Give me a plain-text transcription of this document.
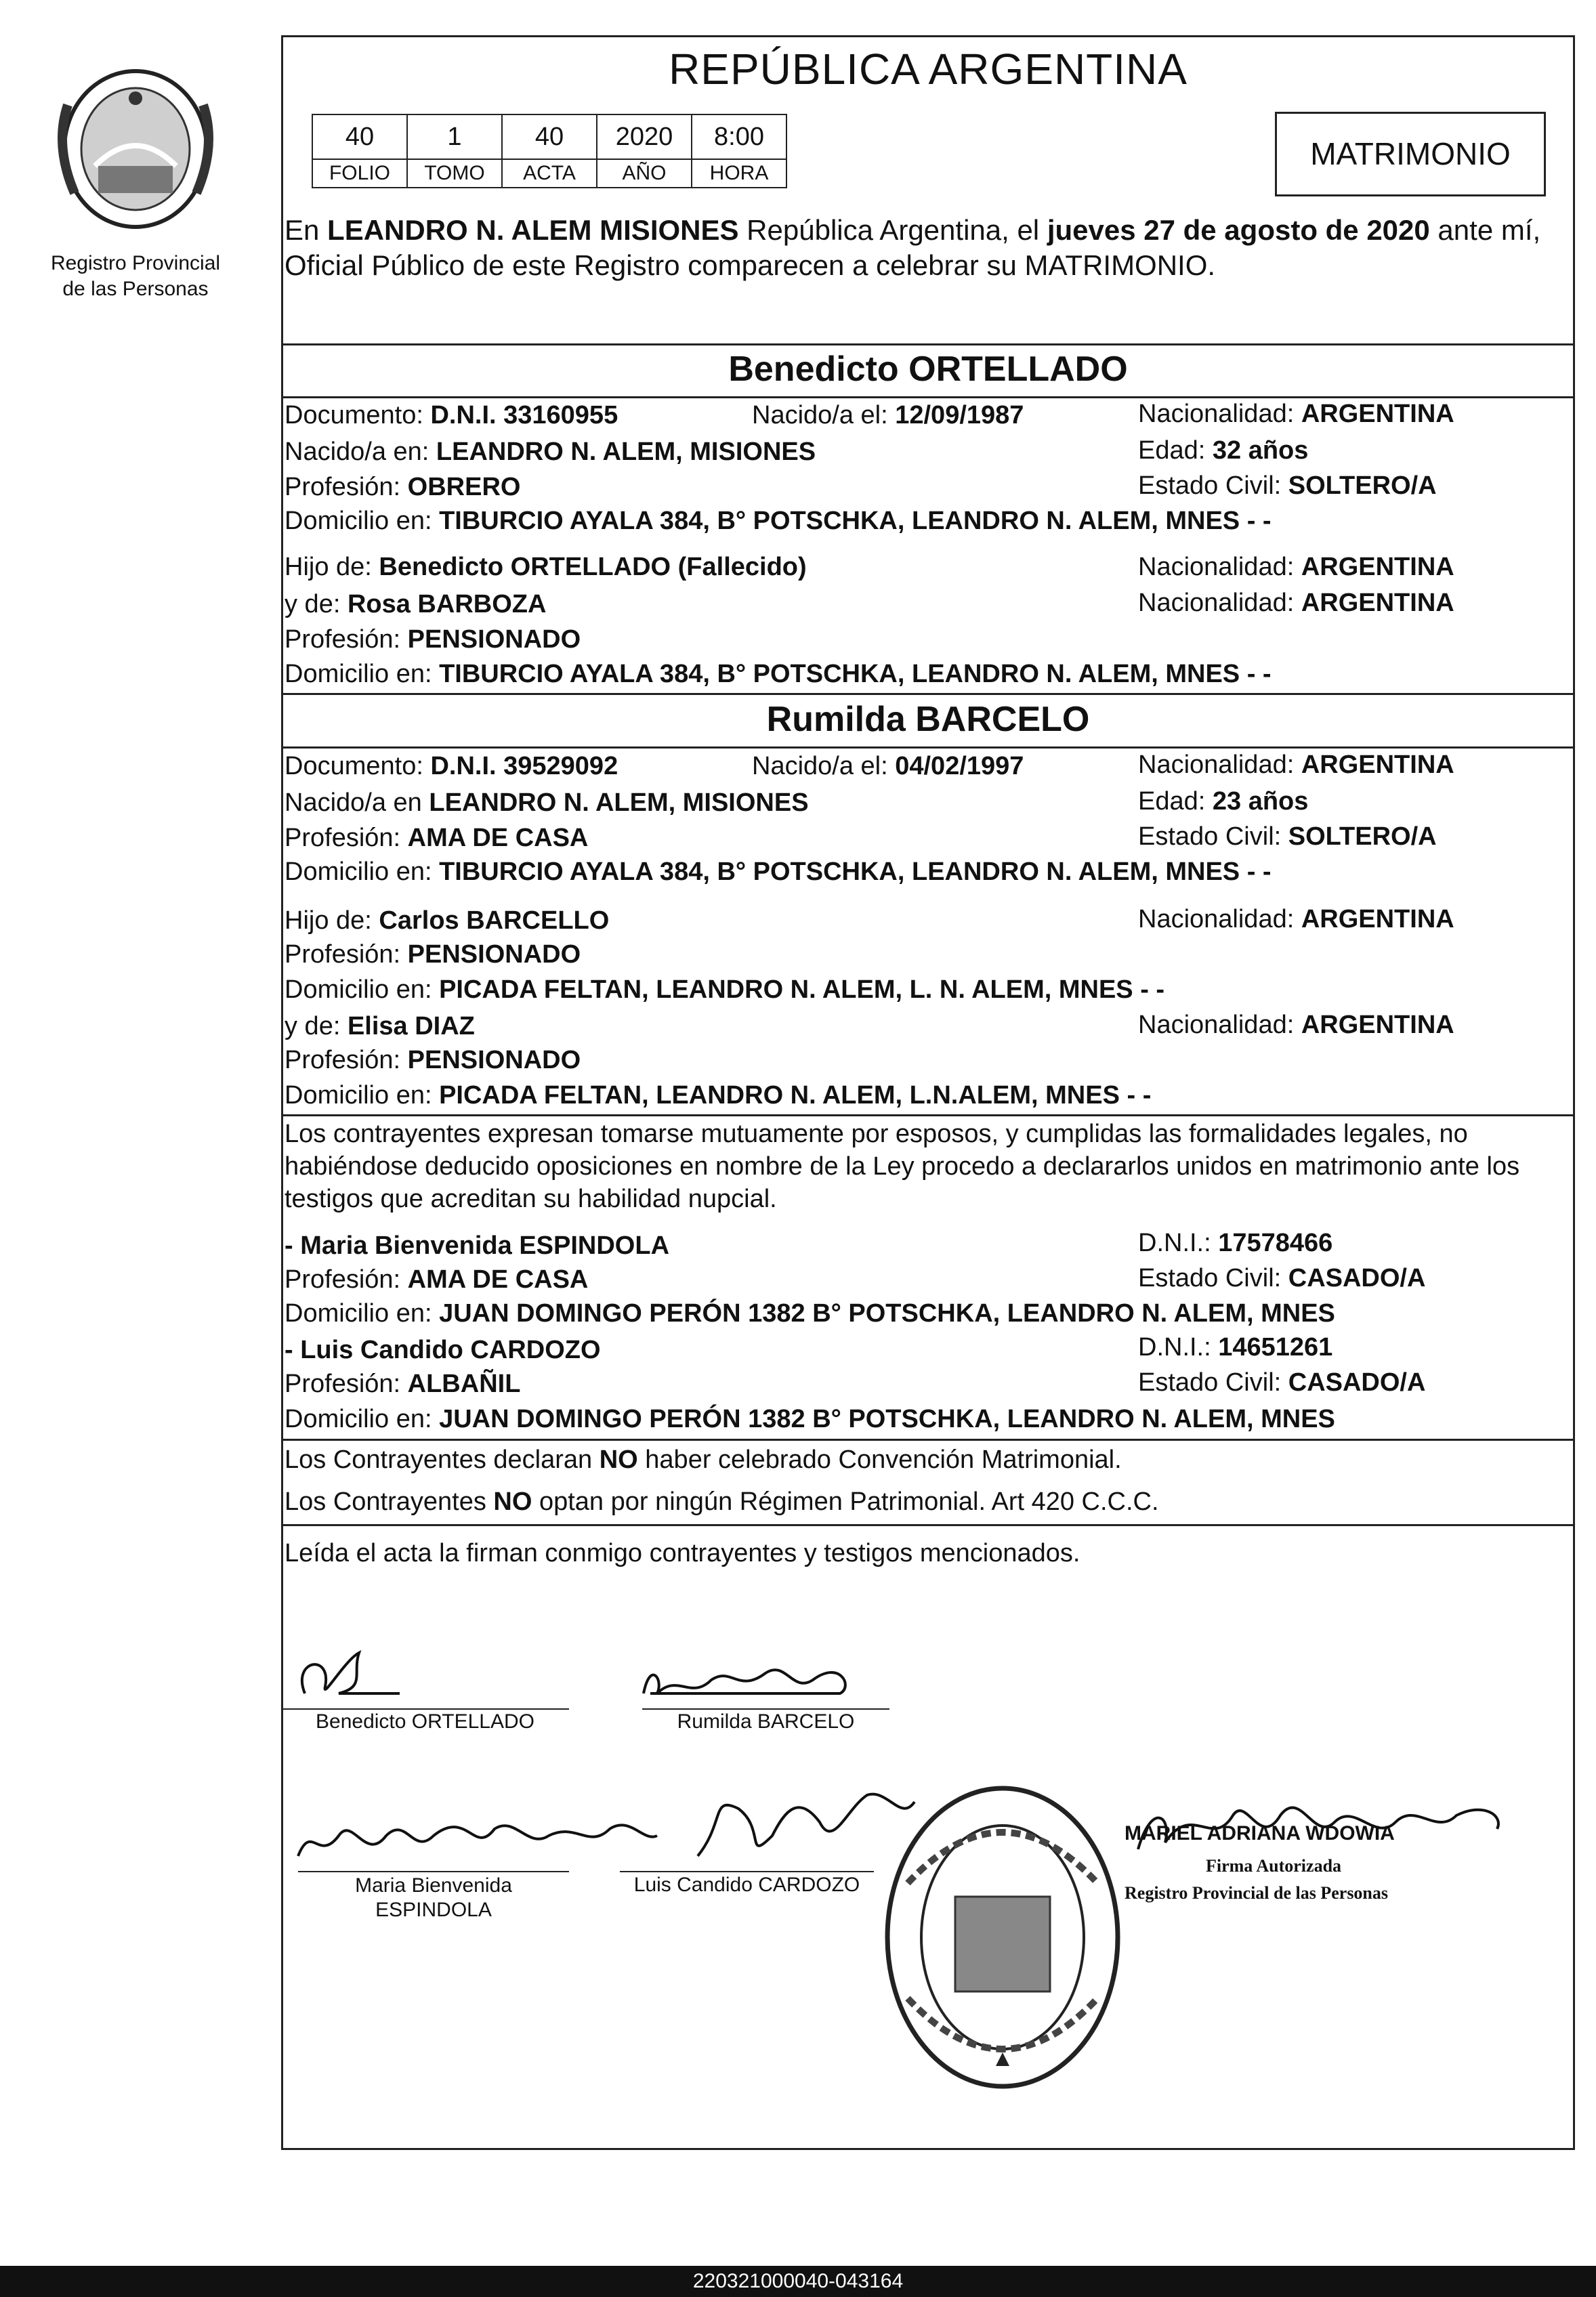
Registro Provincial
de las Personas
REPÚBLICA ARGENTINA
40	1	40	2020	8:00
FOLIO	TOMO	ACTA	AÑO	HORA
MATRIMONIO
En LEANDRO N. ALEM MISIONES República Argentina, el jueves 27 de agosto de 2020 ante mí, Oficial Público de este Registro comparecen a celebrar su MATRIMONIO.
Benedicto ORTELLADO
Documento: D.N.I. 33160955	Nacido/a el: 12/09/1987	Nacionalidad: ARGENTINA
Nacido/a en: LEANDRO N. ALEM, MISIONES	Edad: 32 años
Profesión: OBRERO	Estado Civil: SOLTERO/A
Domicilio en: TIBURCIO AYALA 384, B° POTSCHKA, LEANDRO N. ALEM, MNES - -
Hijo de: Benedicto ORTELLADO (Fallecido)	Nacionalidad: ARGENTINA
y de: Rosa BARBOZA	Nacionalidad: ARGENTINA
Profesión: PENSIONADO
Domicilio en: TIBURCIO AYALA 384, B° POTSCHKA, LEANDRO N. ALEM, MNES - -
Rumilda BARCELO
Documento: D.N.I. 39529092	Nacido/a el: 04/02/1997	Nacionalidad: ARGENTINA
Nacido/a en LEANDRO N. ALEM, MISIONES	Edad: 23 años
Profesión: AMA DE CASA	Estado Civil: SOLTERO/A
Domicilio en: TIBURCIO AYALA 384, B° POTSCHKA, LEANDRO N. ALEM, MNES - -
Hijo de: Carlos BARCELLO	Nacionalidad: ARGENTINA
Profesión: PENSIONADO
Domicilio en: PICADA FELTAN, LEANDRO N. ALEM, L. N. ALEM, MNES - -
y de: Elisa DIAZ	Nacionalidad: ARGENTINA
Profesión: PENSIONADO
Domicilio en: PICADA FELTAN, LEANDRO N. ALEM, L.N.ALEM, MNES - -
Los contrayentes expresan tomarse mutuamente por esposos, y cumplidas las formalidades legales, no habiéndose deducido oposiciones en nombre de la Ley procedo a declararlos unidos en matrimonio ante los testigos que acreditan su habilidad nupcial.
- Maria Bienvenida ESPINDOLA	D.N.I.: 17578466
Profesión: AMA DE CASA	Estado Civil: CASADO/A
Domicilio en: JUAN DOMINGO PERÓN 1382 B° POTSCHKA, LEANDRO N. ALEM, MNES
- Luis Candido CARDOZO	D.N.I.: 14651261
Profesión: ALBAÑIL	Estado Civil: CASADO/A
Domicilio en: JUAN DOMINGO PERÓN 1382 B° POTSCHKA, LEANDRO N. ALEM, MNES
Los Contrayentes declaran NO haber celebrado Convención Matrimonial.
Los Contrayentes NO optan por ningún Régimen Patrimonial. Art 420 C.C.C.
Leída el acta la firman conmigo contrayentes y testigos mencionados.
Benedicto ORTELLADO	Rumilda BARCELO
Maria Bienvenida
ESPINDOLA
Luis Candido CARDOZO
MARIEL ADRIANA WDOWIA
Firma Autorizada
Registro Provincial de las Personas
220321000040-043164
